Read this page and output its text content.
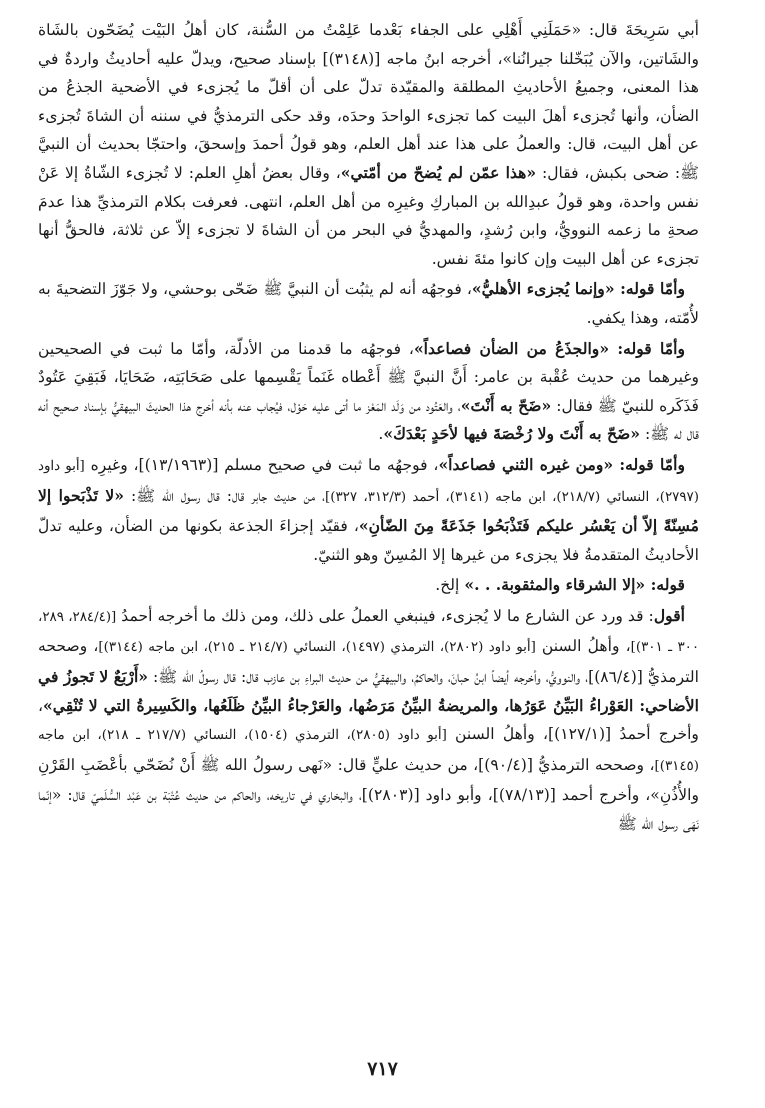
أبي سَرِيحَةَ قال: «حَمَلَنِي أَهْلِي على الجفاء بَعْدما عَلِمْتُ من السُّنة، كان أهلُ البَيْت يُضَحّون بالشَاة والشَاتين، والآن يُبَخّلنا جيرانُنا»، أخرجه ابنُ ماجه [(٣١٤٨)] بإسناد صحيح، ويدلّ عليه أحاديثُ واردةٌ في هذا المعنى، وجميعُ الأحاديثِ المطلقة والمقيّدة تدلّ على أن أقلّ ما يُجزىء في الأضحية الجذعُ من الضأن، وأنها تُجزىء أهلَ البيت كما تجزىء الواحدَ وحدَه، وقد حكى الترمذيُّ في سننه أن الشاةَ تُجزىء عن أهل البيت، قال: والعملُ على هذا عند أهل العلم، وهو قولُ أحمدَ وإسحقَ، واحتجّا بحديث أن النبيَّ ﷺ: ضحى بكبش، فقال: «هذا عمّن لم يُضحّ من أمّتي»، وقال بعضُ أهلِ العلم: لا تُجزىء الشّاةُ إلا عَنْ نفس واحدة، وهو قولُ عبدِالله بن المباركِ وغيرِه من أهل العلم، انتهى. فعرفت بكلام الترمذيِّ هذا عدمَ صحةِ ما زعمه النوويُّ، وابن رُشدٍ، والمهديُّ في البحر من أن الشاةَ لا تجزىء إلاّ عن ثلاثة، فالحقُّ أنها تجزىء عن أهل البيت وإن كانوا مئةَ نفس.

وأمّا قوله: «وإنما يُجزىء الأهليُّ»، فوجهُه أنه لم يثبُت أن النبيَّ ﷺ ضَحّى بوحشي، ولا جَوّزَ التضحيةَ به لأُمّته، وهذا يكفي.

وأمّا قوله: «والجذَعُ من الضأن فصاعداً»، فوجهُه ما قدمنا من الأدلّة، وأمّا ما ثبت في الصحيحين وغيرهما من حديث عُقْبة بن عامر: أَنَّ النبيَّ ﷺ أَعْطاه غَنَماً يَقْسِمها على صَحَابَتِه، ضَحَايَا، فَبَقِيَ عَتُودٌ فَذَكَره للنبيّ ﷺ فقال: «ضَحّ به أَنْتَ»، والعَتُود من وَلَد المَعْز ما أتى عليه حَوْل، فيُجاب عنه بأنه أخرج هذا الحديثَ البيهقيُّ بإسناد صحيح أنه قال له ﷺ: «ضَحّ به أَنْتَ ولا رُخْصَةَ فيها لأحَدٍ بَعْدَكَ».

وأمّا قوله: «ومن غيره الثني فصاعداً»، فوجهُه ما ثبت في صحيح مسلم [(١٣/١٩٦٣)]، وغيرِه [أبو داود (٢٧٩٧)، النسائي (٢١٨/٧)، ابن ماجه (٣١٤١)، أحمد (٣١٢/٣، ٣٢٧)]، من حديث جابر قال: قال رسول الله ﷺ: «لا تَذْبَحوا إلا مُسِنّةً إلاّ أن يَعْسُر عليكم فَتَذْبَحُوا جَذَعَةً مِنَ الضّأنِ»، فقيّد إجزاءَ الجذعة بكونها من الضأن، وعليه تدلّ الأحاديثُ المتقدمةُ فلا يجزىء من غيرها إلا المُسِنّ وهو الثنيّ.

قوله: «إلا الشرقاء والمثقوبة. . .» إلخ.

أقول: قد ورد عن الشارع ما لا يُجزىء، فينبغي العملُ على ذلك، ومن ذلك ما أخرجه أحمدُ [(٢٨٤/٤، ٢٨٩، ٣٠٠ ـ ٣٠١)]، وأهلُ السنن [أبو داود (٢٨٠٢)، الترمذي (١٤٩٧)، النسائي (٢١٤/٧ ـ ٢١٥)، ابن ماجه (٣١٤٤)]، وصححه الترمذيُّ [(٨٦/٤)]، والنوويُّ، وأخرجه أيضاً ابنُ حبانَ، والحاكمُ، والبيهقيُّ من حديث البراءِ بن عازب قال: قال رسولُ الله ﷺ: «أَرْبَعٌ لا تَجوزُ في الأضاحي: العَوْراءُ البَيِّنُ عَوَرُها، والمريضةُ البيِّنُ مَرَضُها، والعَرْجاءُ البيِّنُ ظَلَعُها، والكَسِيرةُ التي لا تُنْقِي»، وأخرج أحمدُ [(١٢٧/١)]، وأهلُ السنن [أبو داود (٢٨٠٥)، الترمذي (١٥٠٤)، النسائي (٢١٧/٧ ـ ٢١٨)، ابن ماجه (٣١٤٥)]، وصححه الترمذيُّ [(٩٠/٤)]، من حديث عليٍّ قال: «نَهى رسولُ الله ﷺ أَنْ نُضَحّي بأعْضَبِ القَرْنِ والأُذُنِ»، وأخرج أحمد [(٧٨/١٣)]، وأبو داود [(٢٨٠٣)]، والبخاري في تاريخه، والحاكم من حديث عُتْبَة بن عَبْد السُّلَميّ قال: «إنّما نَهَى رسول الله ﷺ

٧١٧
